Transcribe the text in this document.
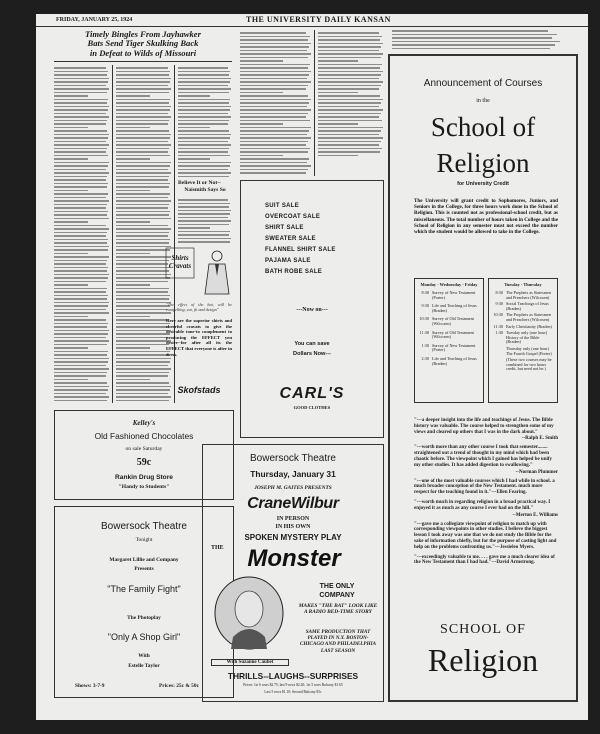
FRIDAY, JANUARY 25, 1924	THE UNIVERSITY DAILY KANSAN
Timely Bingles From Jayhawker
Bats Send Tiger Skulking Back
in Defeat to Wilds of Missouri
Believe It or Not--
Naismith Says So
Shirts Cravats
"The effect of the hat, will be compelling, cut, fit and design"
Here are the superior shirts and cheerful cravats to give the desirable tone-to complement to producing the EFFECT you desire--for after all its the EFFECT that everyone is after in dress.
Skofstads
SUIT SALE
OVERCOAT SALE
SHIRT SALE
SWEATER SALE
FLANNEL SHIRT SALE
PAJAMA SALE
BATH ROBE SALE
---Now on---
You can save
Dollars Now---
CARL'S
GOOD CLOTHES
Kelley's
Old Fashioned Chocolates
on sale Saturday
59c
Rankin Drug Store
"Handy to Students"
Bowersock Theatre
Tonight
Margaret Lillie and Company
Presents
"The Family Fight"
The Photoplay
"Only A Shop Girl"
With
Estelle Taylor
Shows: 3-7-9	Prices: 25c & 50c
Bowersock Theatre
Thursday, January 31
JOSEPH M. GAITES PRESENTS
CraneWilbur
IN PERSON
IN HIS OWN
SPOKEN MYSTERY PLAY
THE Monster
With Suzanne Caubet
THE ONLY
COMPANY
MAKES "THE BAT" LOOK LIKE A RADIO BED-TIME STORY
SAME PRODUCTION THAT PLAYED IN N.Y. BOSTON-CHICAGO AND PHILADELPHIA LAST SEASON
THRILLS--LAUGHS--SURPRISES
Prices: 1st 6 rows $2.75; last 9 rows $2.20; 1st 3 rows Balcony $1.65
Last 5 rows $1.10; Second Balcony 85c
Announcement of Courses
in the
School of
Religion
for University Credit
The University will grant credit to Sophomores, Juniors, and Seniors in the College, for three hours work done in the School of Religion. This is counted not as professional-school credit, but as miscellaneous. The total number of hours taken in College and the School of Religion in any semester must not exceed the number which the student would be allowed to take in the College.
Monday - Wednesday - Friday
8:30 Survey of New Testament (Porter)
9:30 Life and Teaching of Jesus (Braden)
10:30 Survey of Old Testament (Wilcoxen)
11:30 Survey of Old Testament (Wilcoxen)
1:30 Survey of New Testament (Porter)
2:30 Life and Teaching of Jesus (Braden)
Tuesday - Thursday
8:30 The Prophets as Statesmen and Preachers (Wilcoxen)
9:30 Social Teachings of Jesus (Braden)
10:30 The Prophets as Statesmen and Preachers (Wilcoxen)
11:30 Early Christianity (Braden)
1:30 Tuesday only (one hour) History of the Bible (Braden)
Thursday only (one hour) The Fourth Gospel (Porter)
(These two courses may be combined for two hours credit, but need not be.)
"---a deeper insight into the life and teachings of Jesus. The Bible history was valuable. The course helped to strengthen some of my views and cleared up others that I was in the dark about."
--Ralph E. Smith
"---worth more than any other course I took that semester........ straightened out a trend of thought in my mind which had been chaotic before. The viewpoint which I gained has helped be unify my other studies. It has added digestion to swallowing."
--Norman Plummer
"---one of the most valuable courses which I had while in school. a much broader conception of the New Testament. much more respect for the teaching found in it."---Ellen Fearing.
"---worth much in regarding religion in a broad practical way. I enjoyed it as much as any course I ever had on the hill."
--Merton E. Williams
"---gave me a collegiate viewpoint of religion to match up with corresponding viewpoints in other studies. I believe the biggest lesson I took away was one that we do not study the Bible for the sake of information chiefly, but for the purpose of casting light and help on the problems confronting us."---Jessieleo Myers.
"---exceedingly valuable to me. . . . gave me a much clearer idea of the New Testament than I had had."---David Armstrong.
SCHOOL OF
Religion
